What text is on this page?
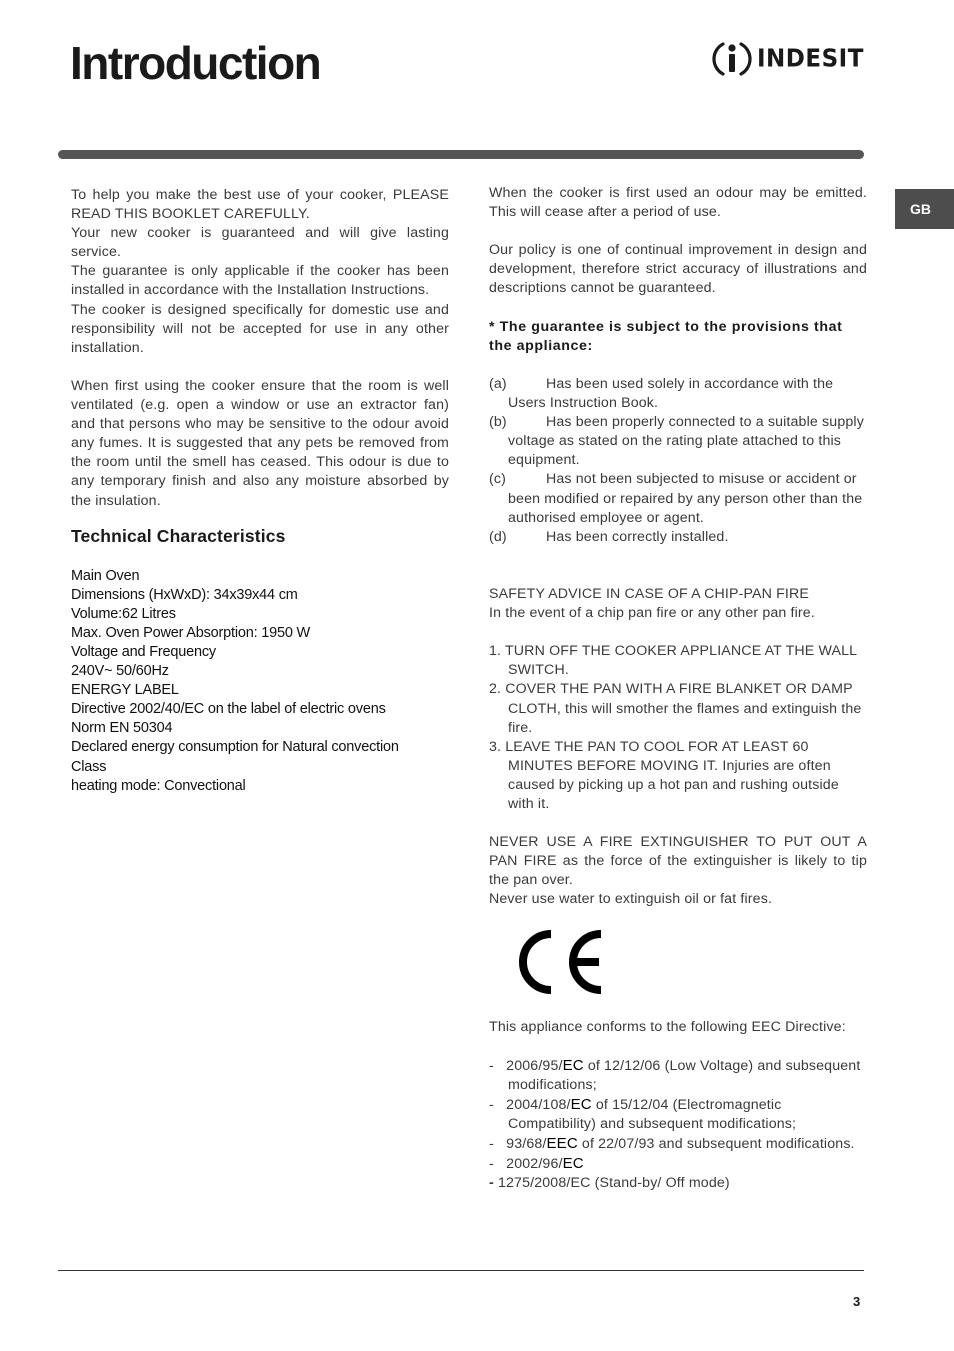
Introduction	INDESIT
GB

To help you make the best use of your cooker, PLEASE READ THIS BOOKLET CAREFULLY.

Your new cooker is guaranteed and will give lasting service.

The guarantee is only applicable if the cooker has been installed in accordance with the Installation Instructions.

The cooker is designed specifically for domestic use and responsibility will not be accepted for use in any other installation.

When first using the cooker ensure that the room is well ventilated (e.g. open a window or use an extractor fan) and that persons who may be sensitive to the odour avoid any fumes. It is suggested that any pets be removed from the room until the smell has ceased. This odour is due to any temporary finish and also any moisture absorbed by the insulation.

Technical Characteristics
Main Oven
Dimensions (HxWxD): 34x39x44 cm
Volume:62 Litres
Max. Oven Power Absorption: 1950 W
Voltage and Frequency
240V~ 50/60Hz
ENERGY LABEL
Directive 2002/40/EC on the label of electric ovens
Norm EN 50304
Declared energy consumption for Natural convection
Class
heating mode: Convectional

When the cooker is first used an odour may be emitted. This will cease after a period of use.

Our policy is one of continual improvement in design and development, therefore strict accuracy of illustrations and descriptions cannot be guaranteed.

* The guarantee is subject to the provisions that the appliance:

(a)	Has been used solely in accordance with the Users Instruction Book.
(b)	Has been properly connected to a suitable supply voltage as stated on the rating plate attached to this equipment.
(c)	Has not been subjected to misuse or accident or been modified or repaired by any person other than the authorised employee or agent.
(d)	Has been correctly installed.

SAFETY ADVICE IN CASE OF A CHIP-PAN FIRE

In the event of a chip pan fire or any other pan fire.

1. TURN OFF THE COOKER APPLIANCE AT THE WALL SWITCH.

2. COVER THE PAN WITH A FIRE BLANKET OR DAMP CLOTH, this will smother the flames and extinguish the fire.

3. LEAVE THE PAN TO COOL FOR AT LEAST 60 MINUTES BEFORE MOVING IT. Injuries are often caused by picking up a hot pan and rushing outside with it.

NEVER USE A FIRE EXTINGUISHER TO PUT OUT A PAN FIRE as the force of the extinguisher is likely to tip the pan over.

Never use water to extinguish oil or fat fires.

This appliance conforms to the following EEC Directive:

- 2006/95/EC of 12/12/06 (Low Voltage) and subsequent modifications;

- 2004/108/EC of 15/12/04 (Electromagnetic Compatibility) and subsequent modifications;

- 93/68/EEC of 22/07/93 and subsequent modifications.

- 2002/96/EC

- 1275/2008/EC (Stand-by/ Off mode)

3
